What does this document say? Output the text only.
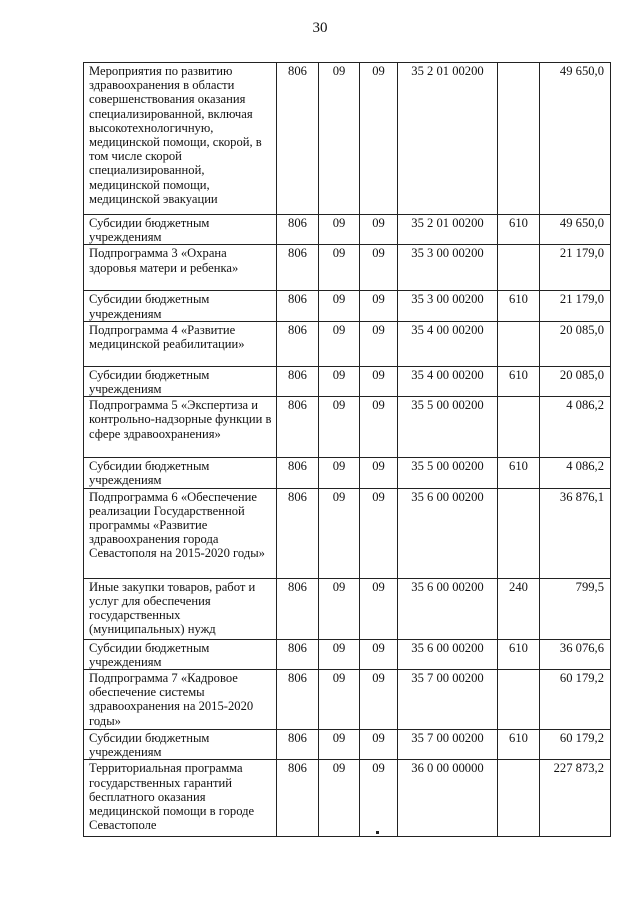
30
Мероприятия по развитию здравоохранения в области совершенствования оказания специализированной, включая высокотехнологичную, медицинской помощи, скорой, в том числе скорой специализированной, медицинской помощи, медицинской эвакуации	806	09	09	35 2 01 00200		49 650,0
Субсидии бюджетным учреждениям	806	09	09	35 2 01 00200	610	49 650,0
Подпрограмма 3 «Охрана здоровья матери и ребенка»	806	09	09	35 3 00 00200		21 179,0
Субсидии бюджетным учреждениям	806	09	09	35 3 00 00200	610	21 179,0
Подпрограмма 4 «Развитие медицинской реабилитации»	806	09	09	35 4 00 00200		20 085,0
Субсидии бюджетным учреждениям	806	09	09	35 4 00 00200	610	20 085,0
Подпрограмма 5 «Экспертиза и контрольно-надзорные функции в сфере здравоохранения»	806	09	09	35 5 00 00200		4 086,2
Субсидии бюджетным учреждениям	806	09	09	35 5 00 00200	610	4 086,2
Подпрограмма 6 «Обеспечение реализации Государственной программы «Развитие здравоохранения города Севастополя на 2015-2020 годы»	806	09	09	35 6 00 00200		36 876,1
Иные закупки товаров, работ и услуг для обеспечения государственных (муниципальных) нужд	806	09	09	35 6 00 00200	240	799,5
Субсидии бюджетным учреждениям	806	09	09	35 6 00 00200	610	36 076,6
Подпрограмма 7 «Кадровое обеспечение системы здравоохранения на 2015-2020 годы»	806	09	09	35 7 00 00200		60 179,2
Субсидии бюджетным учреждениям	806	09	09	35 7 00 00200	610	60 179,2
Территориальная программа государственных гарантий бесплатного оказания медицинской помощи в городе Севастополе	806	09	09	36 0 00 00000		227 873,2
